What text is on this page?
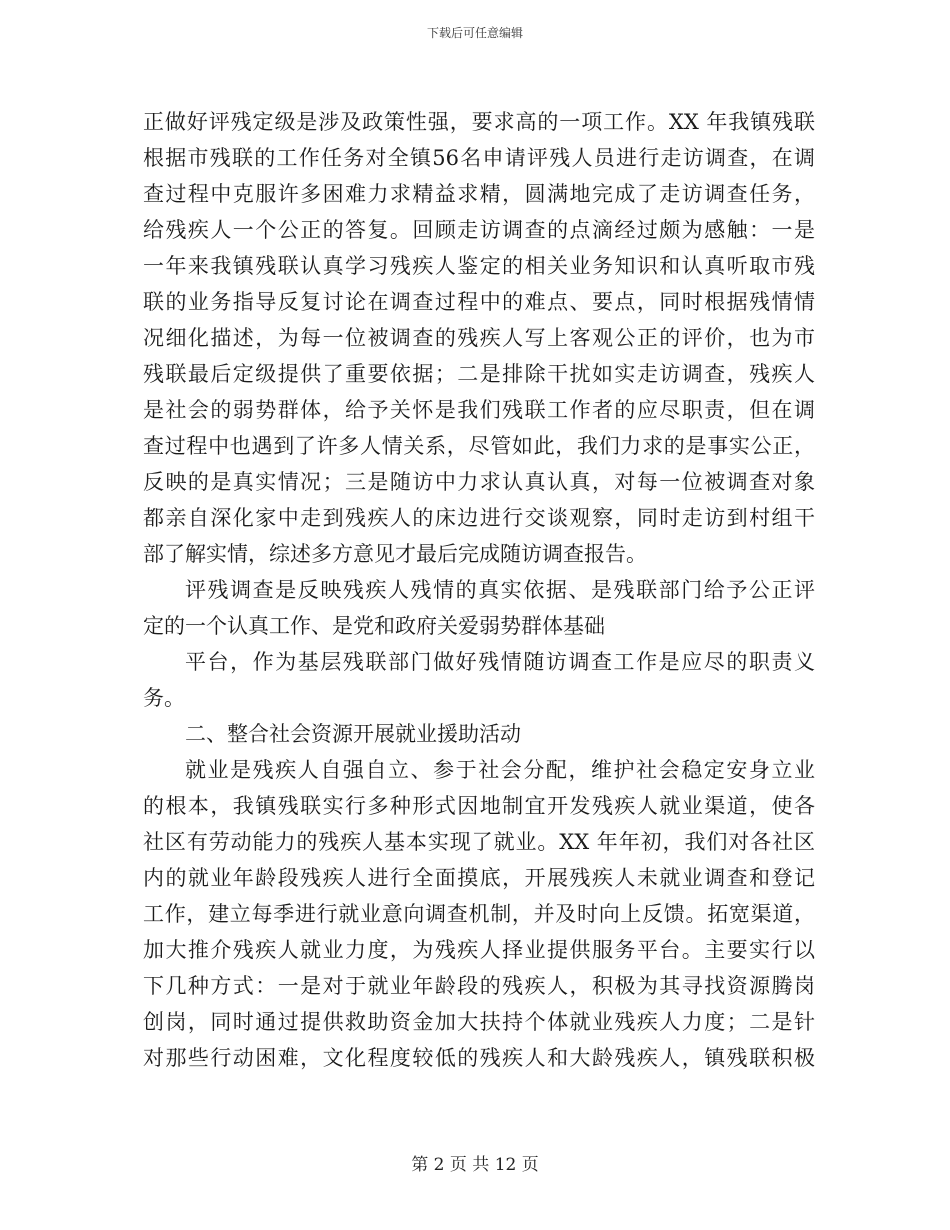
下载后可任意编辑
正做好评残定级是涉及政策性强，要求高的一项工作。XX 年我镇残联
根据市残联的工作任务对全镇56名申请评残人员进行走访调查，在调
查过程中克服许多困难力求精益求精，圆满地完成了走访调查任务，
给残疾人一个公正的答复。回顾走访调查的点滴经过颇为感触：一是
一年来我镇残联认真学习残疾人鉴定的相关业务知识和认真听取市残
联的业务指导反复讨论在调查过程中的难点、要点，同时根据残情情
况细化描述，为每一位被调查的残疾人写上客观公正的评价，也为市
残联最后定级提供了重要依据；二是排除干扰如实走访调查，残疾人
是社会的弱势群体，给予关怀是我们残联工作者的应尽职责，但在调
查过程中也遇到了许多人情关系，尽管如此，我们力求的是事实公正，
反映的是真实情况；三是随访中力求认真认真，对每一位被调查对象
都亲自深化家中走到残疾人的床边进行交谈观察，同时走访到村组干
部了解实情，综述多方意见才最后完成随访调查报告。
评残调查是反映残疾人残情的真实依据、是残联部门给予公正评
定的一个认真工作、是党和政府关爱弱势群体基础
平台，作为基层残联部门做好残情随访调查工作是应尽的职责义
务。
二、整合社会资源开展就业援助活动
就业是残疾人自强自立、参于社会分配，维护社会稳定安身立业
的根本，我镇残联实行多种形式因地制宜开发残疾人就业渠道，使各
社区有劳动能力的残疾人基本实现了就业。XX 年年初，我们对各社区
内的就业年龄段残疾人进行全面摸底，开展残疾人未就业调查和登记
工作，建立每季进行就业意向调查机制，并及时向上反馈。拓宽渠道，
加大推介残疾人就业力度，为残疾人择业提供服务平台。主要实行以
下几种方式：一是对于就业年龄段的残疾人，积极为其寻找资源腾岗
创岗，同时通过提供救助资金加大扶持个体就业残疾人力度；二是针
对那些行动困难，文化程度较低的残疾人和大龄残疾人，镇残联积极
第 2 页 共 12 页
